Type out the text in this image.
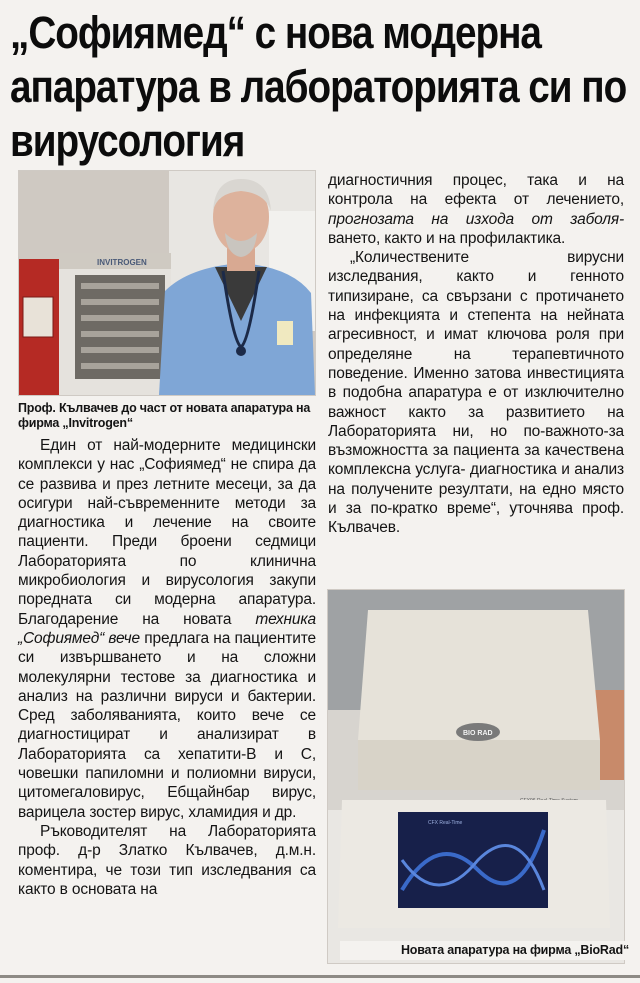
„Софиямед“ с нова модерна апаратура в лабораторията си по вирусология
INVITROGEN
Проф. Кълвачев до част от новата апаратура на фирма „Invitrogen“

Един от най-модерните медицински комплекси у нас „Софиямед“ не спира да се развива и през летните месеци, за да осигури най-съвременните методи за диагностика и лечение на своите пациенти. Преди броени седмици Лабораторията по клинична микробиология и вирусология закупи поредната си модерна апаратура. Благодарение на новата техника „Софиямед“ вече предлага на пациентите си извършването и на сложни молекулярни тестове за диагностика и анализ на различни вируси и бактерии. Сред заболяванията, които вече се диагностицират и анализират в Лабораторията са хепатити-В и С, човешки папиломни и полиомни вируси, цитомегаловирус, Ебщайнбар вирус, варицела зостер вирус, хламидия и др.

Ръководителят на Лабораторията проф. д-р Златко Кълвачев, д.м.н. коментира, че този тип изследвания са както в основата на

диагностичния процес, така и на контрола на ефекта от лечението, прогнозата на изхода от заболя- ването, както и на профилактика.

„Количествените вирусни изследвания, както и генното типизиране, са свързани с протичането на инфекцията и степента на нейната агресивност, и имат ключова роля при определяне на терапевтичното поведение. Именно затова инвестицията в подобна апаратура е от изключително важност както за развитието на Лабораторията ни, но по-важното-за възможността за пациента за качествена комплексна услуга- диагностика и анализ на получените резултати, на едно място и за по-кратко време“, уточнява проф. Кълвачев.

BIO RAD
CFX Real-Time
Новата апаратура на фирма „BioRad“
